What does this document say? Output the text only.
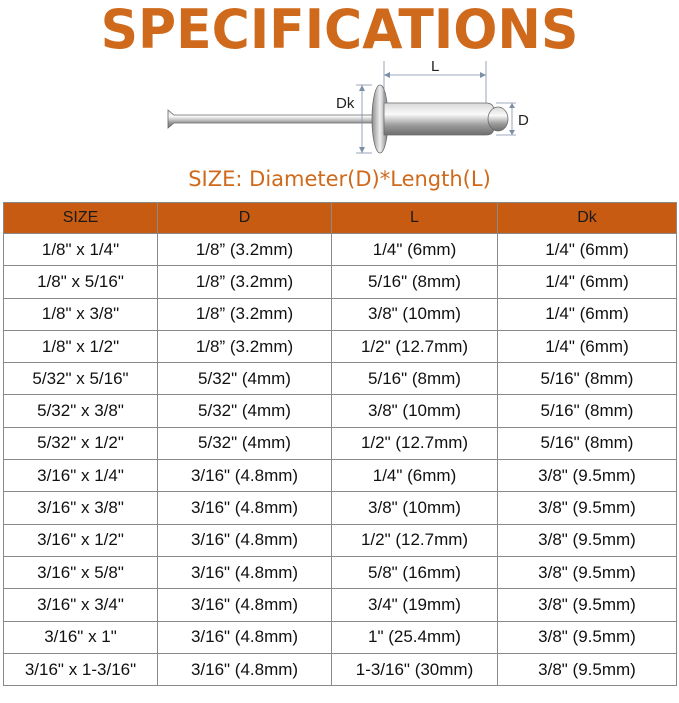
SPECIFICATIONS
L
Dk
D
SIZE: Diameter(D)*Length(L)
SIZE	D	L	Dk
1/8" x 1/4"	1/8” (3.2mm)	1/4" (6mm)	1/4" (6mm)
1/8" x 5/16"	1/8” (3.2mm)	5/16" (8mm)	1/4" (6mm)
1/8" x 3/8"	1/8” (3.2mm)	3/8" (10mm)	1/4" (6mm)
1/8" x 1/2"	1/8” (3.2mm)	1/2" (12.7mm)	1/4" (6mm)
5/32" x 5/16"	5/32" (4mm)	5/16" (8mm)	5/16" (8mm)
5/32" x 3/8"	5/32" (4mm)	3/8" (10mm)	5/16" (8mm)
5/32" x 1/2"	5/32" (4mm)	1/2" (12.7mm)	5/16" (8mm)
3/16" x 1/4"	3/16" (4.8mm)	1/4" (6mm)	3/8" (9.5mm)
3/16" x 3/8"	3/16" (4.8mm)	3/8" (10mm)	3/8" (9.5mm)
3/16" x 1/2"	3/16" (4.8mm)	1/2" (12.7mm)	3/8" (9.5mm)
3/16" x 5/8"	3/16" (4.8mm)	5/8" (16mm)	3/8" (9.5mm)
3/16" x 3/4"	3/16" (4.8mm)	3/4" (19mm)	3/8" (9.5mm)
3/16" x 1"	3/16" (4.8mm)	1" (25.4mm)	3/8" (9.5mm)
3/16" x 1-3/16"	3/16" (4.8mm)	1-3/16" (30mm)	3/8" (9.5mm)
